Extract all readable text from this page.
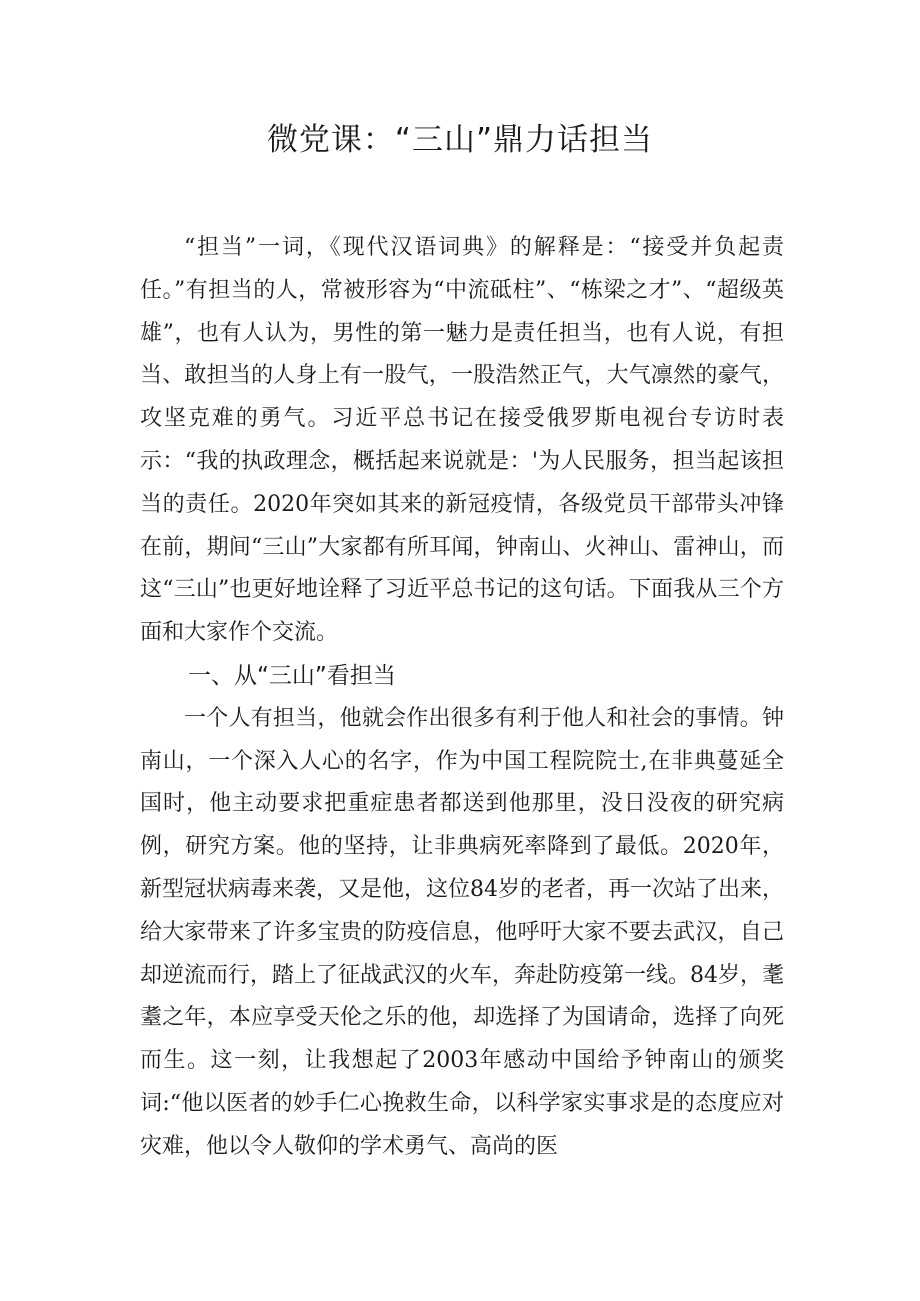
微党课：“三山”鼎力话担当

“担当”一词，《现代汉语词典》的解释是：“接受并负起责任。”有担当的人，常被形容为“中流砥柱”、“栋梁之才”、“超级英雄”，也有人认为，男性的第一魅力是责任担当，也有人说，有担当、敢担当的人身上有一股气，一股浩然正气，大气凛然的豪气，攻坚克难的勇气。习近平总书记在接受俄罗斯电视台专访时表示：“我的执政理念，概括起来说就是：'为人民服务，担当起该担当的责任。2020年突如其来的新冠疫情，各级党员干部带头冲锋在前，期间“三山”大家都有所耳闻，钟南山、火神山、雷神山，而这“三山”也更好地诠释了习近平总书记的这句话。下面我从三个方面和大家作个交流。

一、从“三山”看担当

一个人有担当，他就会作出很多有利于他人和社会的事情。钟南山，一个深入人心的名字，作为中国工程院院士,在非典蔓延全国时，他主动要求把重症患者都送到他那里，没日没夜的研究病例，研究方案。他的坚持，让非典病死率降到了最低。2020年，新型冠状病毒来袭，又是他，这位84岁的老者，再一次站了出来，给大家带来了许多宝贵的防疫信息，他呼吁大家不要去武汉，自己却逆流而行，踏上了征战武汉的火车，奔赴防疫第一线。84岁，耄耋之年，本应享受天伦之乐的他，却选择了为国请命，选择了向死而生。这一刻，让我想起了2003年感动中国给予钟南山的颁奖词:“他以医者的妙手仁心挽救生命，以科学家实事求是的态度应对灾难，他以令人敬仰的学术勇气、高尚的医
